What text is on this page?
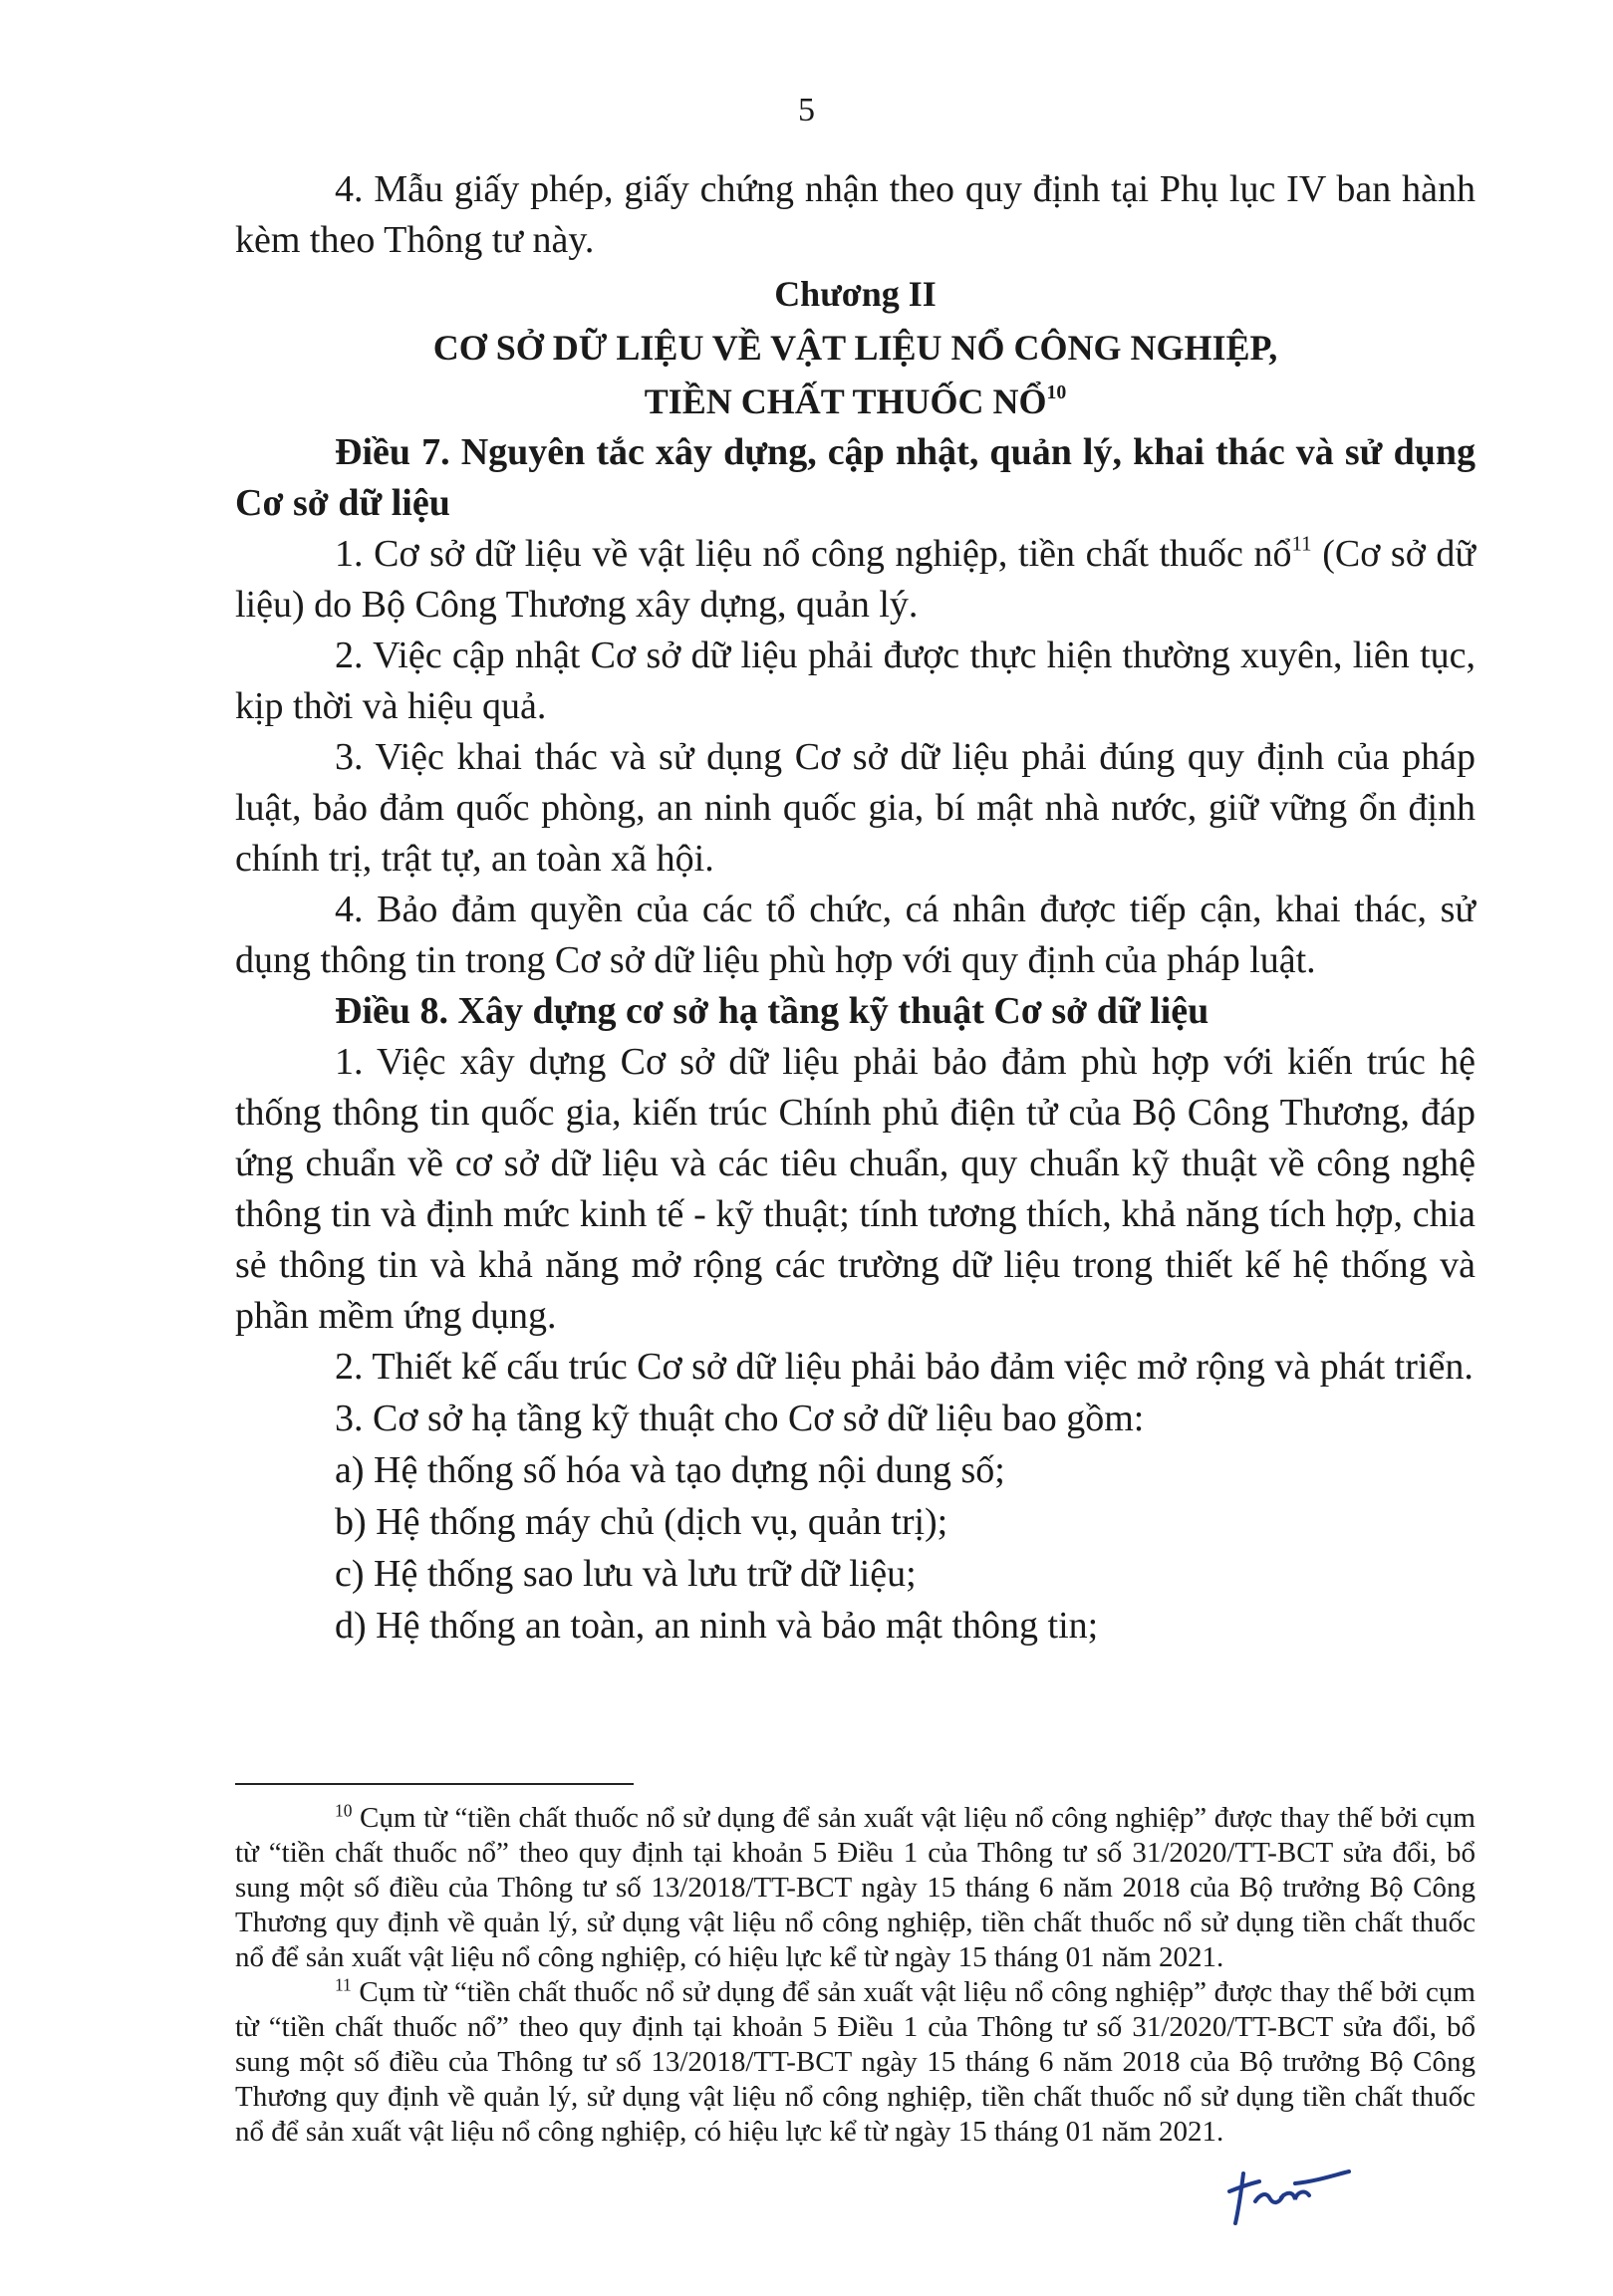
5

4. Mẫu giấy phép, giấy chứng nhận theo quy định tại Phụ lục IV ban hành kèm theo Thông tư này.

Chương II

CƠ SỞ DỮ LIỆU VỀ VẬT LIỆU NỔ CÔNG NGHIỆP,

TIỀN CHẤT THUỐC NỔ$^{10}$

Điều 7. Nguyên tắc xây dựng, cập nhật, quản lý, khai thác và sử dụng Cơ sở dữ liệu

1. Cơ sở dữ liệu về vật liệu nổ công nghiệp, tiền chất thuốc nổ$^{11}$ (Cơ sở dữ liệu) do Bộ Công Thương xây dựng, quản lý.

2. Việc cập nhật Cơ sở dữ liệu phải được thực hiện thường xuyên, liên tục, kịp thời và hiệu quả.

3. Việc khai thác và sử dụng Cơ sở dữ liệu phải đúng quy định của pháp luật, bảo đảm quốc phòng, an ninh quốc gia, bí mật nhà nước, giữ vững ổn định chính trị, trật tự, an toàn xã hội.

4. Bảo đảm quyền của các tổ chức, cá nhân được tiếp cận, khai thác, sử dụng thông tin trong Cơ sở dữ liệu phù hợp với quy định của pháp luật.

Điều 8. Xây dựng cơ sở hạ tầng kỹ thuật Cơ sở dữ liệu

1. Việc xây dựng Cơ sở dữ liệu phải bảo đảm phù hợp với kiến trúc hệ thống thông tin quốc gia, kiến trúc Chính phủ điện tử của Bộ Công Thương, đáp ứng chuẩn về cơ sở dữ liệu và các tiêu chuẩn, quy chuẩn kỹ thuật về công nghệ thông tin và định mức kinh tế - kỹ thuật; tính tương thích, khả năng tích hợp, chia sẻ thông tin và khả năng mở rộng các trường dữ liệu trong thiết kế hệ thống và phần mềm ứng dụng.

2. Thiết kế cấu trúc Cơ sở dữ liệu phải bảo đảm việc mở rộng và phát triển.

3. Cơ sở hạ tầng kỹ thuật cho Cơ sở dữ liệu bao gồm:

a) Hệ thống số hóa và tạo dựng nội dung số;

b) Hệ thống máy chủ (dịch vụ, quản trị);

c) Hệ thống sao lưu và lưu trữ dữ liệu;

d) Hệ thống an toàn, an ninh và bảo mật thông tin;

$^{10}$ Cụm từ “tiền chất thuốc nổ sử dụng để sản xuất vật liệu nổ công nghiệp” được thay thế bởi cụm từ “tiền chất thuốc nổ” theo quy định tại khoản 5 Điều 1 của Thông tư số 31/2020/TT-BCT sửa đổi, bổ sung một số điều của Thông tư số 13/2018/TT-BCT ngày 15 tháng 6 năm 2018 của Bộ trưởng Bộ Công Thương quy định về quản lý, sử dụng vật liệu nổ công nghiệp, tiền chất thuốc nổ sử dụng tiền chất thuốc nổ để sản xuất vật liệu nổ công nghiệp, có hiệu lực kể từ ngày 15 tháng 01 năm 2021.

$^{11}$ Cụm từ “tiền chất thuốc nổ sử dụng để sản xuất vật liệu nổ công nghiệp” được thay thế bởi cụm từ “tiền chất thuốc nổ” theo quy định tại khoản 5 Điều 1 của Thông tư số 31/2020/TT-BCT sửa đổi, bổ sung một số điều của Thông tư số 13/2018/TT-BCT ngày 15 tháng 6 năm 2018 của Bộ trưởng Bộ Công Thương quy định về quản lý, sử dụng vật liệu nổ công nghiệp, tiền chất thuốc nổ sử dụng tiền chất thuốc nổ để sản xuất vật liệu nổ công nghiệp, có hiệu lực kể từ ngày 15 tháng 01 năm 2021.
